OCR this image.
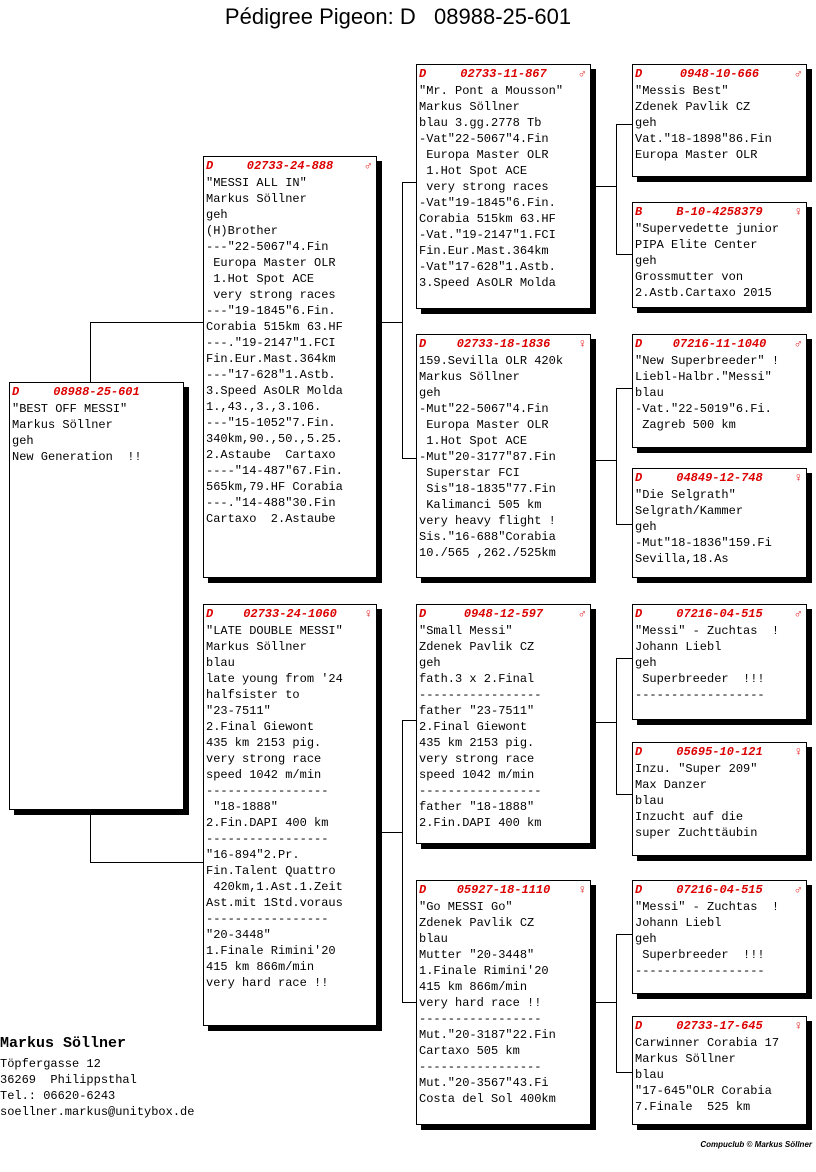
Pédigree Pigeon: D   08988-25-601
D	08988-25-601
"BEST OFF MESSI"
Markus Söllner
geh
New Generation  !!
D	02733-24-888	♂
"MESSI ALL IN"
Markus Söllner
geh
(H)Brother
---"22-5067"4.Fin
Europa Master OLR
1.Hot Spot ACE
very strong races
---"19-1845"6.Fin.
Corabia 515km 63.HF
---."19-2147"1.FCI
Fin.Eur.Mast.364km
---"17-628"1.Astb.
3.Speed AsOLR Molda
1.,43.,3.,3.106.
---"15-1052"7.Fin.
340km,90.,50.,5.25.
2.Astaube  Cartaxo
----"14-487"67.Fin.
565km,79.HF Corabia
---."14-488"30.Fin
Cartaxo  2.Astaube
D	02733-24-1060	♀
"LATE DOUBLE MESSI"
Markus Söllner
blau
late young from '24
halfsister to
"23-7511"
2.Final Giewont
435 km 2153 pig.
very strong race
speed 1042 m/min
-----------------
"18-1888"
2.Fin.DAPI 400 km
-----------------
"16-894"2.Pr.
Fin.Talent Quattro
420km,1.Ast.1.Zeit
Ast.mit 1Std.voraus
-----------------
"20-3448"
1.Finale Rimini'20
415 km 866m/min
very hard race !!
D	02733-11-867	♂
"Mr. Pont a Mousson"
Markus Söllner
blau 3.gg.2778 Tb
-Vat"22-5067"4.Fin
Europa Master OLR
1.Hot Spot ACE
very strong races
-Vat"19-1845"6.Fin.
Corabia 515km 63.HF
-Vat."19-2147"1.FCI
Fin.Eur.Mast.364km
-Vat"17-628"1.Astb.
3.Speed AsOLR Molda
D	02733-18-1836	♀
159.Sevilla OLR 420k
Markus Söllner
geh
-Mut"22-5067"4.Fin
Europa Master OLR
1.Hot Spot ACE
-Mut"20-3177"87.Fin
Superstar FCI
Sis"18-1835"77.Fin
Kalimanci 505 km
very heavy flight !
Sis."16-688"Corabia
10./565 ,262./525km
D	0948-12-597	♂
"Small Messi"
Zdenek Pavlik CZ
geh
fath.3 x 2.Final
-----------------
father "23-7511"
2.Final Giewont
435 km 2153 pig.
very strong race
speed 1042 m/min
-----------------
father "18-1888"
2.Fin.DAPI 400 km
D	05927-18-1110	♀
"Go MESSI Go"
Zdenek Pavlik CZ
blau
Mutter "20-3448"
1.Finale Rimini'20
415 km 866m/min
very hard race !!
-----------------
Mut."20-3187"22.Fin
Cartaxo 505 km
-----------------
Mut."20-3567"43.Fi
Costa del Sol 400km
D	0948-10-666	♂
"Messis Best"
Zdenek Pavlik CZ
geh
Vat."18-1898"86.Fin
Europa Master OLR
B	B-10-4258379	♀
"Supervedette junior
PIPA Elite Center
geh
Grossmutter von
2.Astb.Cartaxo 2015
D	07216-11-1040	♂
"New Superbreeder" !
Liebl-Halbr."Messi"
blau
-Vat."22-5019"6.Fi.
Zagreb 500 km
D	04849-12-748	♀
"Die Selgrath"
Selgrath/Kammer
geh
-Mut"18-1836"159.Fi
Sevilla,18.As
D	07216-04-515	♂
"Messi" - Zuchtas  !
Johann Liebl
geh
Superbreeder  !!!
------------------
D	05695-10-121	♀
Inzu. "Super 209"
Max Danzer
blau
Inzucht auf die
super Zuchttäubin
D	07216-04-515	♂
"Messi" - Zuchtas  !
Johann Liebl
geh
Superbreeder  !!!
------------------
D	02733-17-645	♀
Carwinner Corabia 17
Markus Söllner
blau
"17-645"OLR Corabia
7.Finale  525 km
Markus Söllner
Töpfergasse 12
36269  Philippsthal
Tel.: 06620-6243
soellner.markus@unitybox.de
Compuclub © Markus Söllner
